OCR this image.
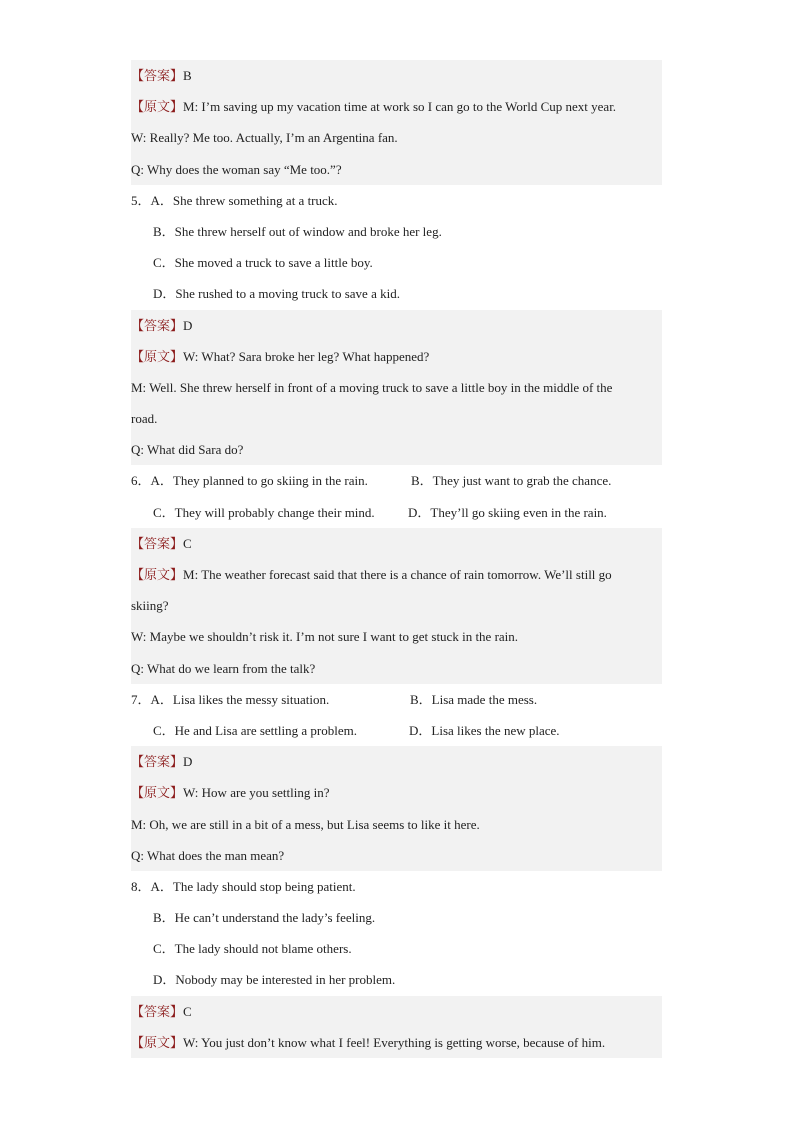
【答案】B
【原文】M: I’m saving up my vacation time at work so I can go to the World Cup next year.
W: Really? Me too. Actually, I’m an Argentina fan.
Q: Why does the woman say “Me too.”?
5．A．She threw something at a truck.
B．She threw herself out of window and broke her leg.
C．She moved a truck to save a little boy.
D．She rushed to a moving truck to save a kid.
【答案】D
【原文】W: What? Sara broke her leg? What happened?
M: Well. She threw herself in front of a moving truck to save a little boy in the middle of the
road.
Q: What did Sara do?
6．A．They planned to go skiing in the rain.	B．They just want to grab the chance.
C．They will probably change their mind.	D．They’ll go skiing even in the rain.
【答案】C
【原文】M: The weather forecast said that there is a chance of rain tomorrow. We’ll still go
skiing?
W: Maybe we shouldn’t risk it. I’m not sure I want to get stuck in the rain.
Q: What do we learn from the talk?
7．A．Lisa likes the messy situation.	B．Lisa made the mess.
C．He and Lisa are settling a problem.	D．Lisa likes the new place.
【答案】D
【原文】W: How are you settling in?
M: Oh, we are still in a bit of a mess, but Lisa seems to like it here.
Q: What does the man mean?
8．A．The lady should stop being patient.
B．He can’t understand the lady’s feeling.
C．The lady should not blame others.
D．Nobody may be interested in her problem.
【答案】C
【原文】W: You just don’t know what I feel! Everything is getting worse, because of him.
